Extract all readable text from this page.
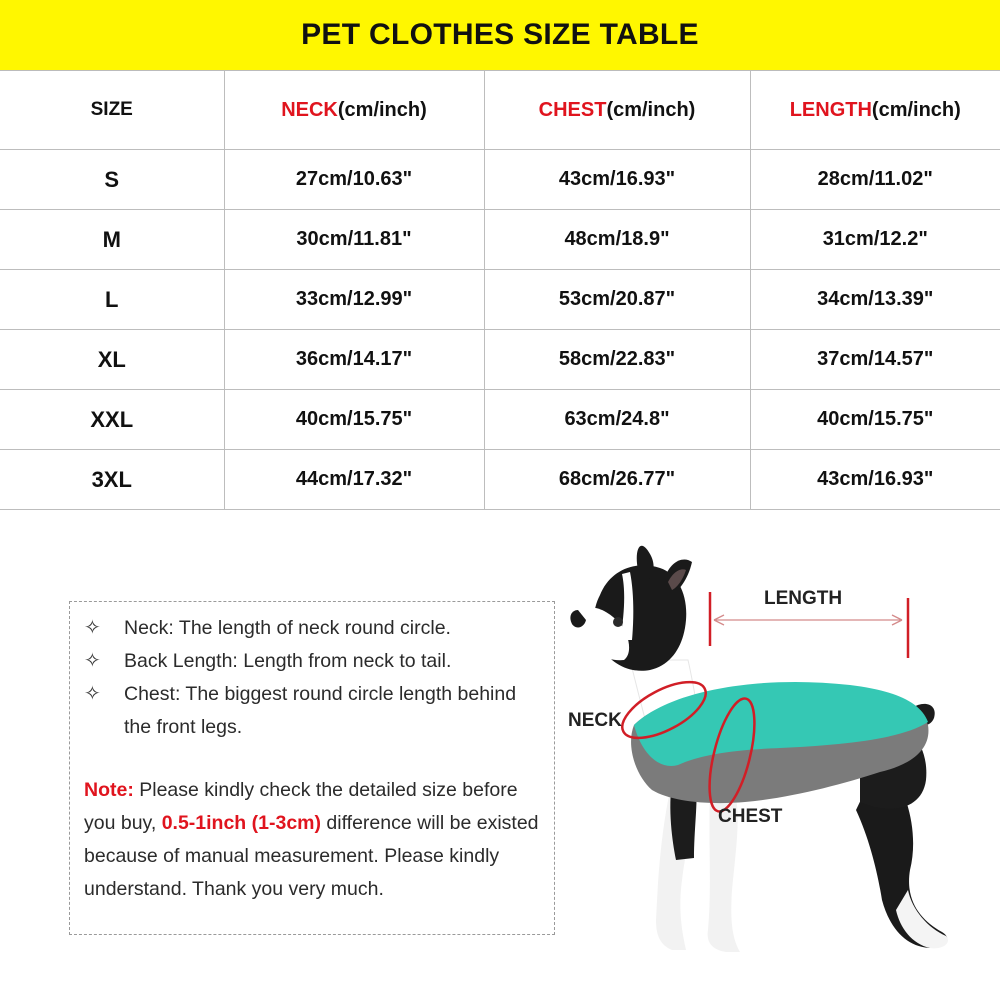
PET CLOTHES SIZE TABLE
SIZE	NECK(cm/inch)	CHEST(cm/inch)	LENGTH(cm/inch)
S	27cm/10.63"	43cm/16.93"	28cm/11.02"
M	30cm/11.81"	48cm/18.9"	31cm/12.2"
L	33cm/12.99"	53cm/20.87"	34cm/13.39"
XL	36cm/14.17"	58cm/22.83"	37cm/14.57"
XXL	40cm/15.75"	63cm/24.8"	40cm/15.75"
3XL	44cm/17.32"	68cm/26.77"	43cm/16.93"
✧	Neck: The length of neck round circle.
✧	Back Length: Length from neck to tail.
✧	Chest: The biggest round circle length behind the front legs.
Note: Please kindly check the detailed size before you buy, 0.5-1inch (1-3cm) difference will be existed because of manual measurement. Please kindly understand. Thank you very much.
LENGTH
NECK
CHEST
